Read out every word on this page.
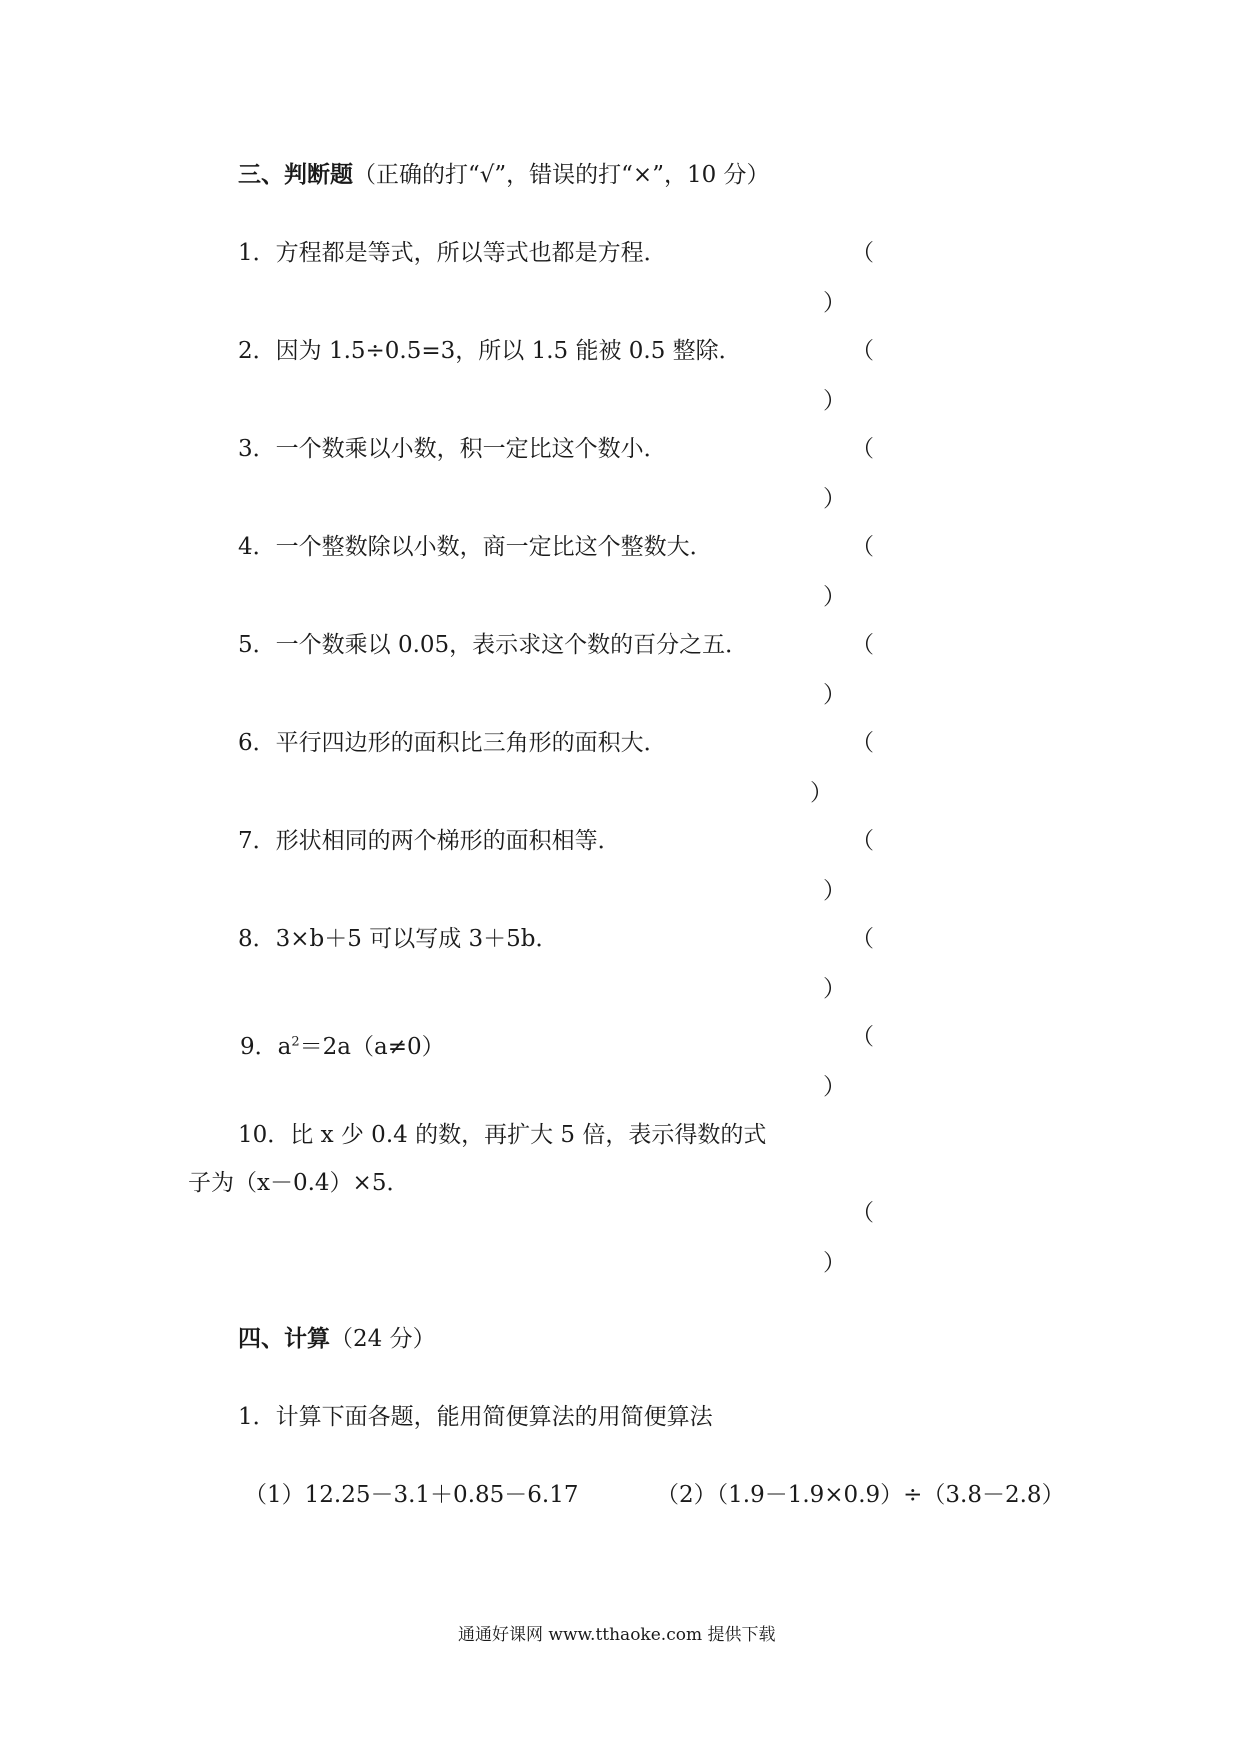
三、判断题（正确的打“√”，错误的打“×”，10 分）
1．方程都是等式，所以等式也都是方程．	（
）
2．因为 1.5÷0.5=3，所以 1.5 能被 0.5 整除．	（
）
3．一个数乘以小数，积一定比这个数小．	（
）
4．一个整数除以小数，商一定比这个整数大．	（
）
5．一个数乘以 0.05，表示求这个数的百分之五．	（
）
6．平行四边形的面积比三角形的面积大．	（
）
7．形状相同的两个梯形的面积相等．	（
）
8．3×b＋5 可以写成 3＋5b．	（
）
9．$a^2=2a(a\ne 0)$	（
）
10．比 x 少 0.4 的数，再扩大 5 倍，表示得数的式
子为（x－0.4）×5．
（
）
四、计算（24 分）
1．计算下面各题，能用简便算法的用简便算法
（1）12.25－3.1＋0.85－6.17	（2）（1.9－1.9×0.9）÷（3.8－2.8）
通通好课网 www.tthaoke.com 提供下载
